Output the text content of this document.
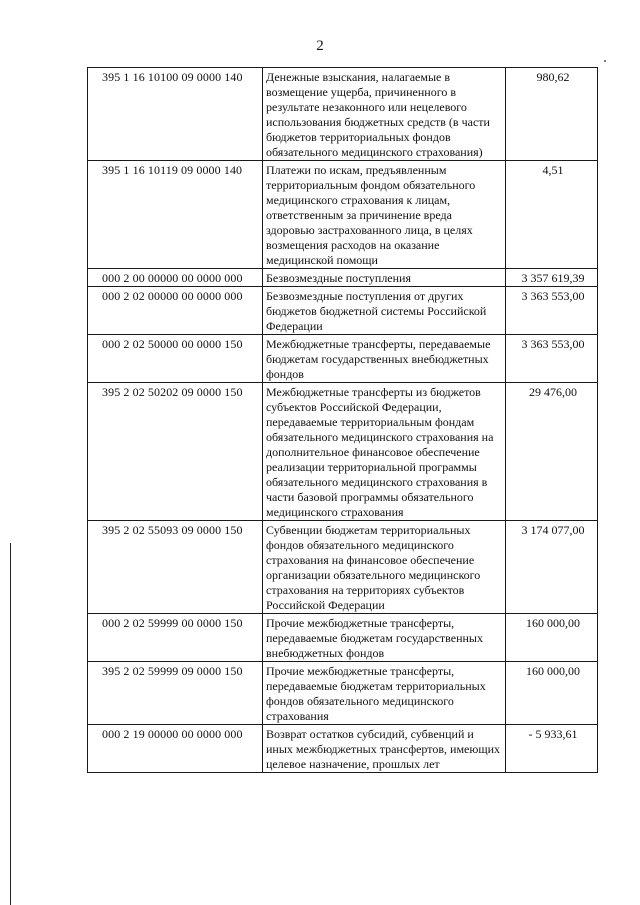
2
395 1 16 10100 09 0000 140	Денежные взыскания, налагаемые в возмещение ущерба, причиненного в результате незаконного или нецелевого использования бюджетных средств (в части бюджетов территориальных фондов обязательного медицинского страхования)	980,62
395 1 16 10119 09 0000 140	Платежи по искам, предъявленным территориальным фондом обязательного медицинского страхования к лицам, ответственным за причинение вреда здоровью застрахованного лица, в целях возмещения расходов на оказание медицинской помощи	4,51
000 2 00 00000 00 0000 000	Безвозмездные поступления	3 357 619,39
000 2 02 00000 00 0000 000	Безвозмездные поступления от других бюджетов бюджетной системы Российской Федерации	3 363 553,00
000 2 02 50000 00 0000 150	Межбюджетные трансферты, передаваемые бюджетам государственных внебюджетных фондов	3 363 553,00
395 2 02 50202 09 0000 150	Межбюджетные трансферты из бюджетов субъектов Российской Федерации, передаваемые территориальным фондам обязательного медицинского страхования на дополнительное финансовое обеспечение реализации территориальной программы обязательного медицинского страхования в части базовой программы обязательного медицинского страхования	29 476,00
395 2 02 55093 09 0000 150	Субвенции бюджетам территориальных фондов обязательного медицинского страхования на финансовое обеспечение организации обязательного медицинского страхования на территориях субъектов Российской Федерации	3 174 077,00
000 2 02 59999 00 0000 150	Прочие межбюджетные трансферты, передаваемые бюджетам государственных внебюджетных фондов	160 000,00
395 2 02 59999 09 0000 150	Прочие межбюджетные трансферты, передаваемые бюджетам территориальных фондов обязательного медицинского страхования	160 000,00
000 2 19 00000 00 0000 000	Возврат остатков субсидий, субвенций и иных межбюджетных трансфертов, имеющих целевое назначение, прошлых лет	- 5 933,61
